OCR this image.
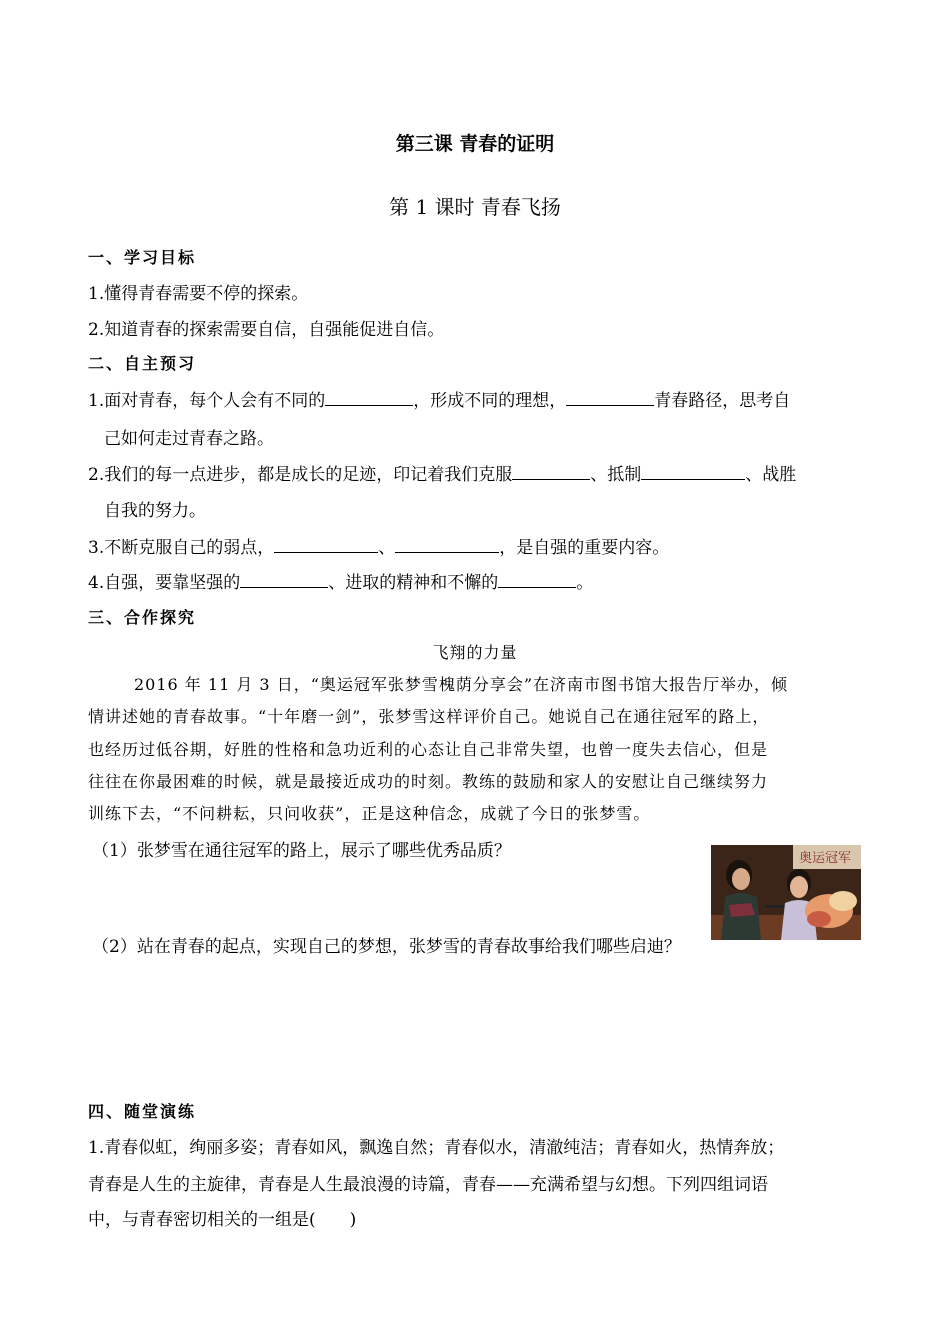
第三课 青春的证明
第 1 课时 青春飞扬
一、学习目标
1.懂得青春需要不停的探索。
2.知道青春的探索需要自信，自强能促进自信。
二、自主预习
1.面对青春，每个人会有不同的	，形成不同的理想，	青春路径，思考自
己如何走过青春之路。
2.我们的每一点进步，都是成长的足迹，印记着我们克服	、抵制	、战胜
自我的努力。
3.不断克服自己的弱点，	、	，是自强的重要内容。
4.自强，要靠坚强的	、进取的精神和不懈的	。
三、合作探究
飞翔的力量
2016 年 11 月 3 日，“奥运冠军张梦雪槐荫分享会”在济南市图书馆大报告厅举办，倾
情讲述她的青春故事。“十年磨一剑”，张梦雪这样评价自己。她说自己在通往冠军的路上，
也经历过低谷期，好胜的性格和急功近利的心态让自己非常失望，也曾一度失去信心，但是
往往在你最困难的时候，就是最接近成功的时刻。教练的鼓励和家人的安慰让自己继续努力
训练下去，“不问耕耘，只问收获”，正是这种信念，成就了今日的张梦雪。
（1）张梦雪在通往冠军的路上，展示了哪些优秀品质？	奥运冠军
（2）站在青春的起点，实现自己的梦想，张梦雪的青春故事给我们哪些启迪？
四、随堂演练
1.青春似虹，绚丽多姿；青春如风，飘逸自然；青春似水，清澈纯洁；青春如火，热情奔放；
青春是人生的主旋律，青春是人生最浪漫的诗篇，青春——充满希望与幻想。下列四组词语
中，与青春密切相关的一组是(　　)
